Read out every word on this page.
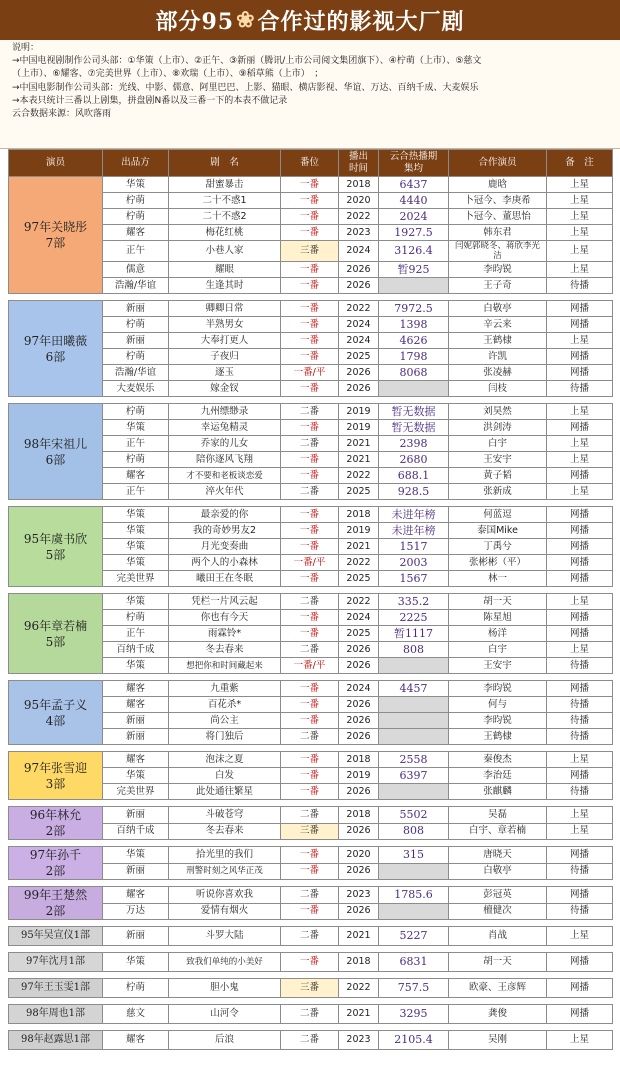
部分95 ❀ 合作过的影视大厂剧
说明：
→中国电视剧制作公司头部：①华策（上市）、②正午、③新丽（腾讯/上市公司阅文集团旗下）、④柠萌（上市）、⑤慈文
（上市）、⑥耀客、⑦完美世界（上市）、⑧欢瑞（上市）、⑨稻草熊（上市）　；
→中国电影制作公司头部：光线、中影、儒意、阿里巴巴、上影、猫眼、横店影视、华谊、万达、百纳千成、大麦娱乐
→本表只统计三番以上剧集，拼盘剧N番以及三番一下的本表不做记录
云合数据来源：风吹落雨
演员	出品方	剧　名	番位	播出
时间	云合热播期
集均	合作演员	备　注

97年关晓彤
7部	华策	甜蜜暴击	一番	2018	6437	鹿晗	上星
	柠萌	二十不惑1	一番	2020	4440	卜冠今、李庚希	上星
	柠萌	二十不惑2	一番	2022	2024	卜冠今、董思怡	上星
	耀客	梅花红桃	一番	2023	1927.5	韩东君	上星
	正午	小巷人家	三番	2024	3126.4	闫妮郭晓冬、蒋欣李光洁	上星
	儒意	耀眼	一番	2026	暂925	李昀锐	上星
	浩瀚/华谊	生逢其时	一番	2026		王子奇	待播

97年田曦薇
6部	新丽	卿卿日常	一番	2022	7972.5	白敬亭	网播
	柠萌	半熟男女	一番	2024	1398	辛云来	网播
	新丽	大奉打更人	一番	2024	4626	王鹤棣	上星
	柠萌	子夜归	一番	2025	1798	许凯	网播
	浩瀚/华谊	逐玉	一番/平	2026	8068	张凌赫	网播
	大麦娱乐	嫁金钗	一番	2026		闫枝	待播

98年宋祖儿
6部	柠萌	九州缥缈录	二番	2019	暂无数据	刘昊然	上星
	华策	幸运兔精灵	一番	2019	暂无数据	洪剑涛	网播
	正午	乔家的儿女	二番	2021	2398	白宇	上星
	柠萌	陪你逐风飞翔	一番	2021	2680	王安宇	上星
	耀客	才不要和老板谈恋爱	一番	2022	688.1	黄子韬	网播
	正午	淬火年代	二番	2025	928.5	张新成	上星

95年虞书欣
5部	华策	最亲爱的你	一番	2018	未进年榜	何蓝逗	网播
	华策	我的奇妙男友2	一番	2019	未进年榜	泰国Mike	网播
	华策	月光变奏曲	一番	2021	1517	丁禹兮	网播
	华策	两个人的小森林	一番/平	2022	2003	张彬彬（平）	网播
	完美世界	曦田王在冬眠	一番	2025	1567	林一	网播

96年章若楠
5部	华策	凭栏一片风云起	二番	2022	335.2	胡一天	上星
	柠萌	你也有今天	一番	2024	2225	陈星旭	网播
	正午	雨霖铃*	一番	2025	暂1117	杨洋	网播
	百纳千成	冬去春来	二番	2026	808	白宇	上星
	华策	想把你和时间藏起来	一番/平	2026		王安宇	待播

95年孟子义
4部	耀客	九重紫	一番	2024	4457	李昀锐	网播
	耀客	百花杀*	一番	2026		何与	待播
	新丽	尚公主	一番	2026		李昀锐	待播
	新丽	将门独后	二番	2026		王鹤棣	待播

97年张雪迎
3部	耀客	泡沫之夏	一番	2018	2558	秦俊杰	上星
	华策	白发	一番	2019	6397	李治廷	网播
	完美世界	此处通往繁星	一番	2026		张麒麟	待播

96年林允
2部	新丽	斗破苍穹	二番	2018	5502	吴磊	上星
	百纳千成	冬去春来	三番	2026	808	白宇、章若楠	上星

97年孙千
2部	华策	拾光里的我们	一番	2020	315	唐晓天	网播
	新丽	刑警时刻之风华正茂	一番	2026		白敬亭	待播

99年王楚然
2部	耀客	听说你喜欢我	二番	2023	1785.6	彭冠英	网播
	万达	爱情有烟火	一番	2026		檀健次	待播

95年吴宣仪1部	新丽	斗罗大陆	二番	2021	5227	肖战	上星

97年沈月1部	华策	致我们单纯的小美好	一番	2018	6831	胡一天	网播

97年王玉雯1部	柠萌	胆小鬼	三番	2022	757.5	欧豪、王彦辉	网播

98年周也1部	慈文	山河令	二番	2021	3295	龚俊	网播

98年赵露思1部	耀客	后浪	二番	2023	2105.4	吴刚	上星
